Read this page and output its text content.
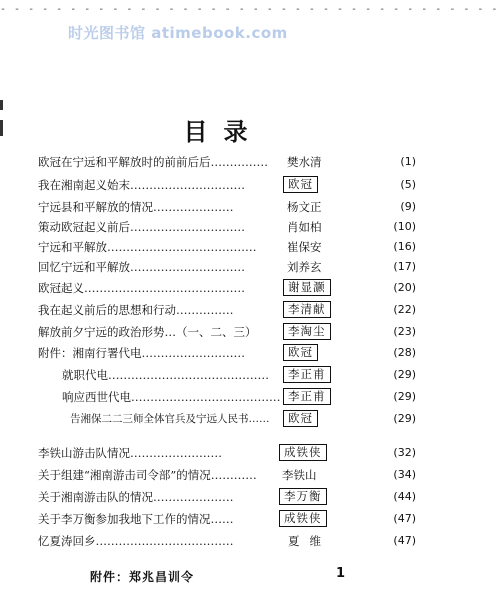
- - - - - - - - - - - - - - - - - - - - - - - - - - - - - - - - - - - -
时光图书馆 atimebook.com
目录
欧冠在宁远和平解放时的前前后后…………… 樊水清	(1)
我在湘南起义始末…………………………	欧冠	(5)
宁远县和平解放的情况…………………	杨文正	(9)
策动欧冠起义前后…………………………	肖如柏	(10)
宁远和平解放…………………………………	崔保安	(16)
回忆宁远和平解放…………………………	刘养玄	(17)
欧冠起义……………………………………	谢显灏	(20)
我在起义前后的思想和行动……………	李清献	(22)
解放前夕宁远的政治形势…（一、二、三）	李淘尘	(23)
附件：湘南行署代电………………………	欧冠	(28)
就职代电……………………………………	李正甫	(29)
响应西世代电………………………………… 李正甫	(29)
告湘保二二三师全体官兵及宁远人民书……	欧冠	(29)
李铁山游击队情况……………………	成铁侠	(32)
关于组建“湘南游击司令部”的情况………… 李铁山	(34)
关于湘南游击队的情况…………………	李万衡	(44)
关于李万衡参加我地下工作的情况……	成铁侠	(47)
忆夏涛回乡………………………………	夏维	(47)
附件：郑兆昌训令	1
